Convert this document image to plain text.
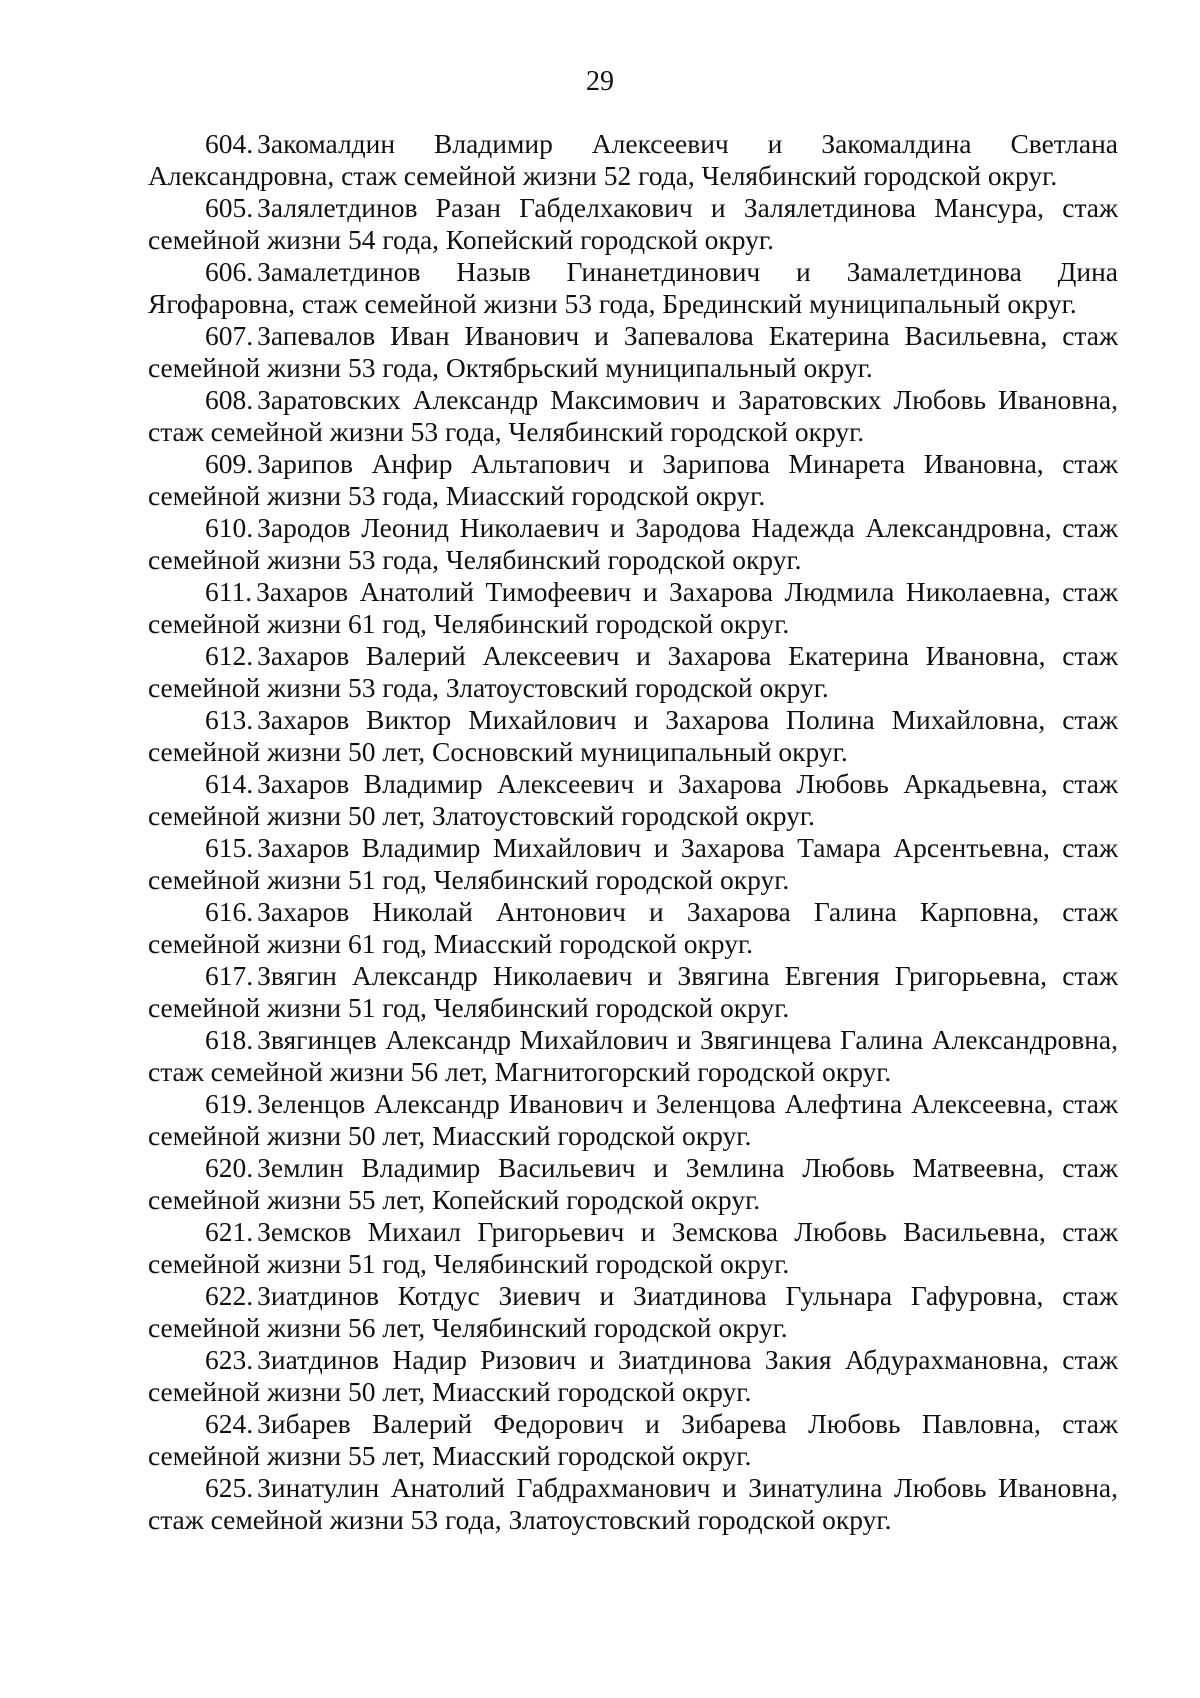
29

604. Закомалдин Владимир Алексеевич и Закомалдина Светлана Александровна, стаж семейной жизни 52 года, Челябинский городской округ.

605. Залялетдинов Разан Габделхакович и Залялетдинова Мансура, стаж семейной жизни 54 года, Копейский городской округ.

606. Замалетдинов Назыв Гинанетдинович и Замалетдинова Дина Ягофаровна, стаж семейной жизни 53 года, Брединский муниципальный округ.

607. Запевалов Иван Иванович и Запевалова Екатерина Васильевна, стаж семейной жизни 53 года, Октябрьский муниципальный округ.

608. Заратовских Александр Максимович и Заратовских Любовь Ивановна, стаж семейной жизни 53 года, Челябинский городской округ.

609. Зарипов Анфир Альтапович и Зарипова Минарета Ивановна, стаж семейной жизни 53 года, Миасский городской округ.

610. Зародов Леонид Николаевич и Зародова Надежда Александровна, стаж семейной жизни 53 года, Челябинский городской округ.

611. Захаров Анатолий Тимофеевич и Захарова Людмила Николаевна, стаж семейной жизни 61 год, Челябинский городской округ.

612. Захаров Валерий Алексеевич и Захарова Екатерина Ивановна, стаж семейной жизни 53 года, Златоустовский городской округ.

613. Захаров Виктор Михайлович и Захарова Полина Михайловна, стаж семейной жизни 50 лет, Сосновский муниципальный округ.

614. Захаров Владимир Алексеевич и Захарова Любовь Аркадьевна, стаж семейной жизни 50 лет, Златоустовский городской округ.

615. Захаров Владимир Михайлович и Захарова Тамара Арсентьевна, стаж семейной жизни 51 год, Челябинский городской округ.

616. Захаров Николай Антонович и Захарова Галина Карповна, стаж семейной жизни 61 год, Миасский городской округ.

617. Звягин Александр Николаевич и Звягина Евгения Григорьевна, стаж семейной жизни 51 год, Челябинский городской округ.

618. Звягинцев Александр Михайлович и Звягинцева Галина Александровна, стаж семейной жизни 56 лет, Магнитогорский городской округ.

619. Зеленцов Александр Иванович и Зеленцова Алефтина Алексеевна, стаж семейной жизни 50 лет, Миасский городской округ.

620. Землин Владимир Васильевич и Землина Любовь Матвеевна, стаж семейной жизни 55 лет, Копейский городской округ.

621. Земсков Михаил Григорьевич и Земскова Любовь Васильевна, стаж семейной жизни 51 год, Челябинский городской округ.

622. Зиатдинов Котдус Зиевич и Зиатдинова Гульнара Гафуровна, стаж семейной жизни 56 лет, Челябинский городской округ.

623. Зиатдинов Надир Ризович и Зиатдинова Закия Абдурахмановна, стаж семейной жизни 50 лет, Миасский городской округ.

624. Зибарев Валерий Федорович и Зибарева Любовь Павловна, стаж семейной жизни 55 лет, Миасский городской округ.

625. Зинатулин Анатолий Габдрахманович и Зинатулина Любовь Ивановна, стаж семейной жизни 53 года, Златоустовский городской округ.
